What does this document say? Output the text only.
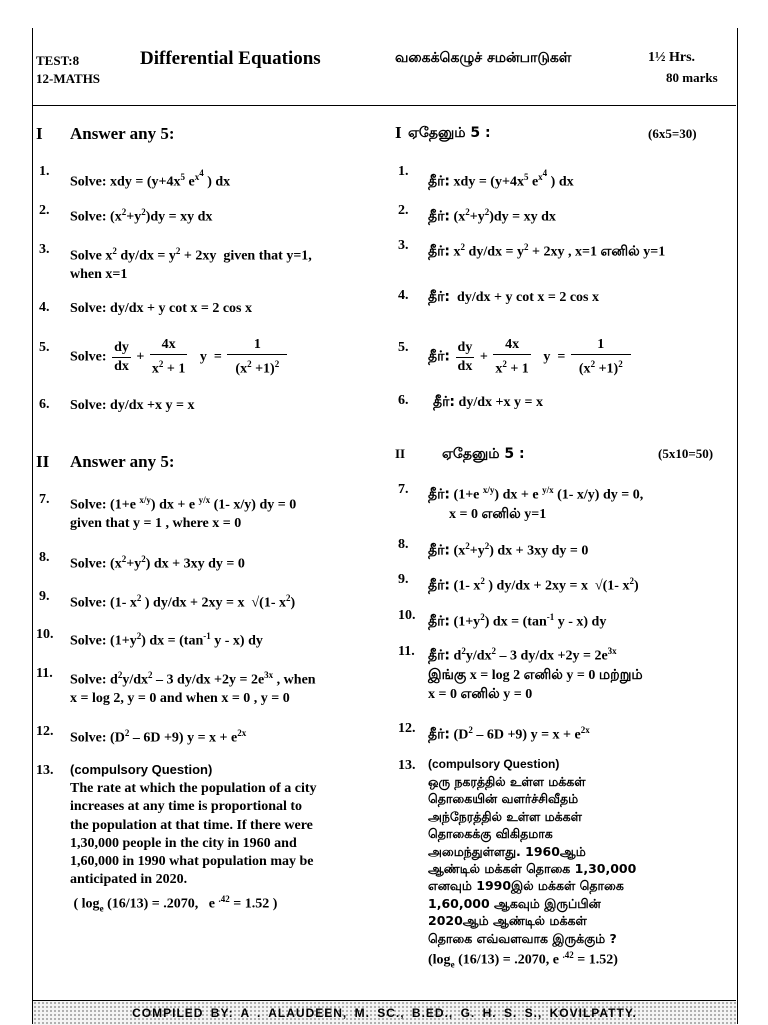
TEST:8
12-MATHS
Differential Equations	வகைக்கெழுச் சமன்பாடுகள்	1½ Hrs.
80 marks
I Answer any 5:
1.
Solve: xdy = ($y+4x^5$ $e^{x^4}$ ) dx
2. Solve: $(x^2+y^2)dy$ = xy dx
3. Solve $x^2$ $dy/dx = y^2 + 2xy$  given that y=1,
when x=1
4. Solve: dy/dx + y cot x = 2 cos x
5.
Solve: $\frac{dy}{dx} + \frac{4x}{x^2 + 1}$ $y = \frac{1}{(x^2 +1)^2}$
6. Solve: dy/dx +x y = x
II Answer any 5:
7. Solve: (1+e $^{x/y}$) dx + e $^{y/x}$ (1- x/y) dy = 0
given that y = 1 , where x = 0
8. Solve: $(x^2+y^2)$ dx + 3xy dy = 0
9. Solve: (1- $x^2$ ) dy/dx + 2xy = x  √(1- $x^2$)
10. Solve: $(1+y^2)$ dx = ($\tan^{-1}$ y - x) dy
11. Solve: $d^2y/dx^2 - 3$ $dy/dx +2y = 2e^{3x}$ , when
x = log 2, y = 0 and when x = 0 , y = 0
12. Solve: $(D^2 - 6D +9) y = x + e^{2x}$
13. (compulsory Question)
The rate at which the population of a city
increases at any time is proportional to
the population at that time. If there were
1,30,000 people in the city in 1960 and
1,60,000 in 1990 what population may be
anticipated in 2020.
( $\log_e (16/13) = .2070$,   e $^{.42}$ = 1.52 )
I ஏதேனும் 5 :	(6x5=30)
1.
தீர்: xdy = ($y+4x^5$ $e^{x^4}$ ) dx
2. தீர்: $(x^2+y^2)dy$ = xy dx
3. தீர்: $x^2$ $dy/dx = y^2 + 2xy$ , x=1 எனில் y=1
4. தீர்:  dy/dx + y cot x = 2 cos x
5.
தீர்: $\frac{dy}{dx} + \frac{4x}{x^2 + 1}$ $y = \frac{1}{(x^2 +1)^2}$
6. தீர்: dy/dx +x y = x
II	ஏதேனும் 5 :	(5x10=50)
7. தீர்: (1+e $^{x/y}$) dx + e $^{y/x}$ (1- x/y) dy = 0,
x = 0 எனில் y=1
8. தீர்: $(x^2+y^2)$ dx + 3xy dy = 0
9. தீர்: (1- $x^2$ ) dy/dx + 2xy = x  √(1- $x^2$)
10. தீர்: $(1+y^2)$ dx = ($\tan^{-1}$ y - x) dy
11. தீர்: $d^2y/dx^2 - 3$ $dy/dx +2y = 2e^{3x}$
இங்கு x = log 2 எனில் y = 0 மற்றும்
x = 0 எனில் y = 0
12. தீர்: $(D^2 - 6D +9) y = x + e^{2x}$
13. (compulsory Question)
ஒரு நகரத்தில் உள்ள மக்கள்
தொகையின் வளர்ச்சிவீதம்
அந்நேரத்தில் உள்ள மக்கள்
தொகைக்கு விகிதமாக
அமைந்துள்ளது. 1960ஆம்
ஆண்டில் மக்கள் தொகை 1,30,000
எனவும் 1990இல் மக்கள் தொகை
1,60,000 ஆகவும் இருப்பின்
2020ஆம் ஆண்டில் மக்கள்
தொகை எவ்வளவாக இருக்கும் ?
($\log_e$ (16/13) = .2070, e $^{.42}$ = 1.52)
COMPILED BY: A . ALAUDEEN, M. SC., B.ED., G. H. S. S., KOVILPATTY.
